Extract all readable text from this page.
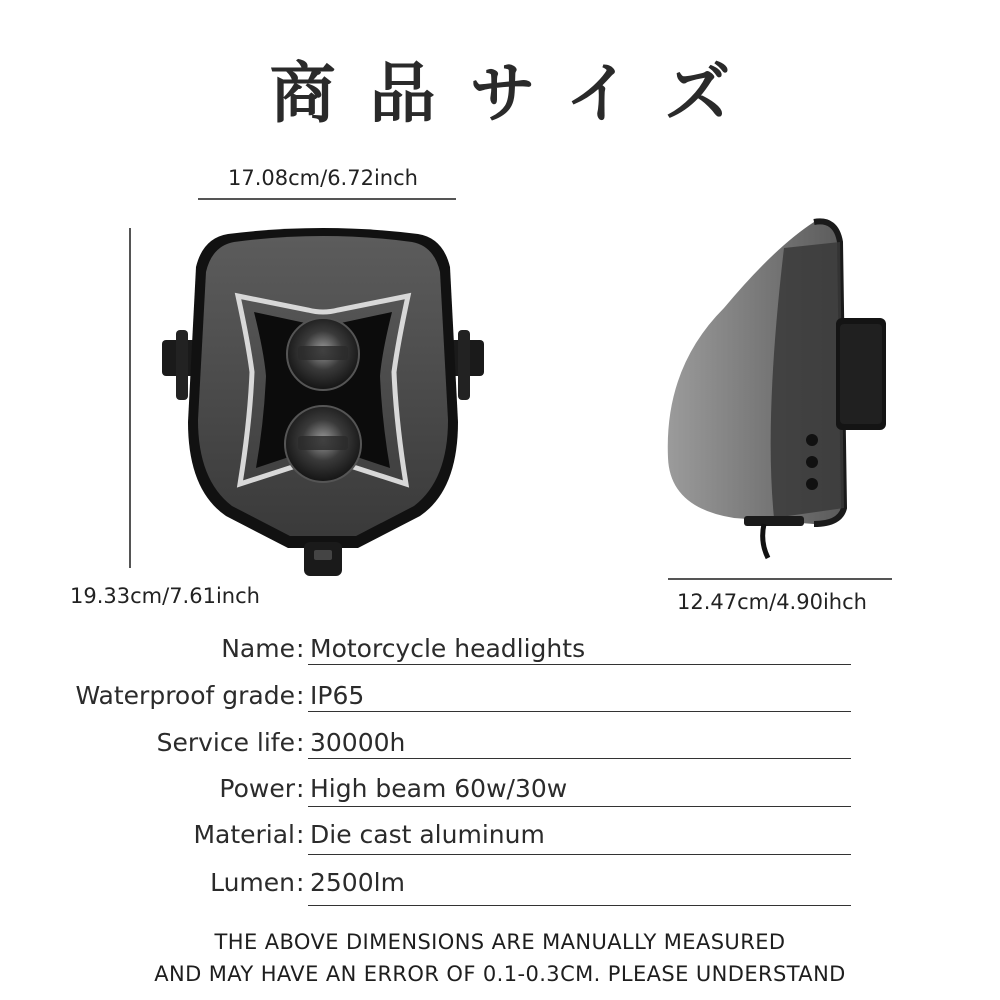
商品サイズ
17.08cm/6.72inch
19.33cm/7.61inch	12.47cm/4.90ihch
Name : Motorcycle headlights
Waterproof grade : IP65
Service life : 30000h
Power : High beam 60w/30w
Material : Die cast aluminum
Lumen : 2500lm
THE ABOVE DIMENSIONS ARE MANUALLY MEASURED
AND MAY HAVE AN ERROR OF 0.1-0.3CM. PLEASE UNDERSTAND
